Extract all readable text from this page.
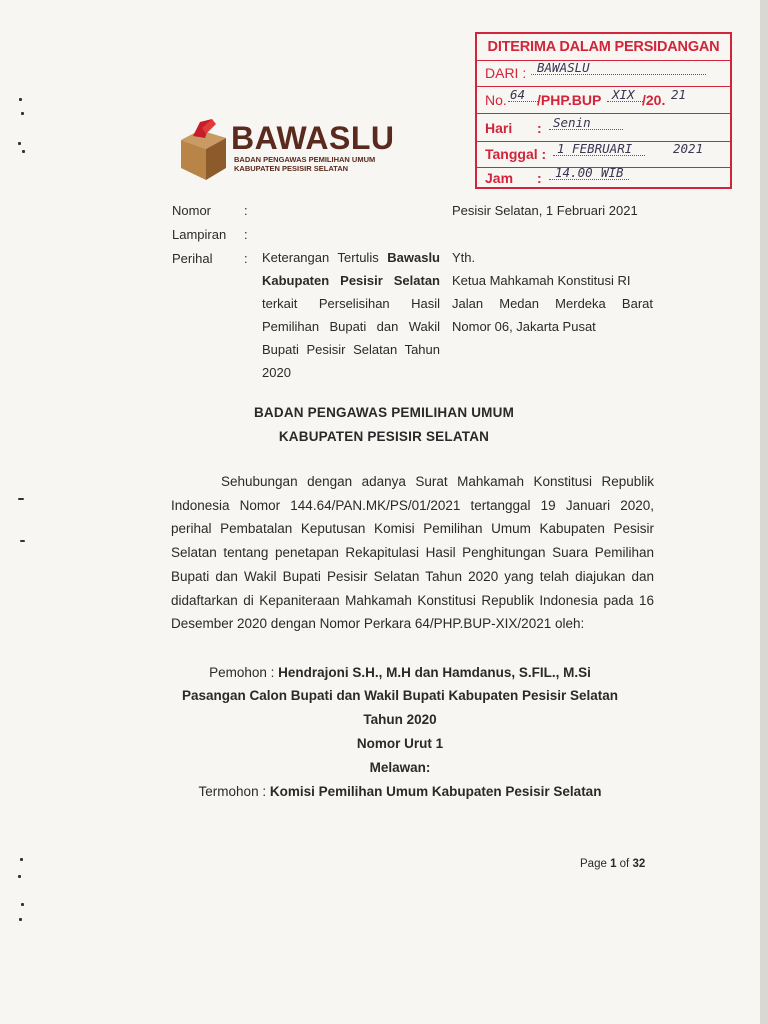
BAWASLU
BADAN PENGAWAS PEMILIHAN UMUM
KABUPATEN PESISIR SELATAN
DITERIMA DALAM PERSIDANGAN
DARI : BAWASLU
No. 64 /PHP.BUP XIX /20. 21
Hari : Senin
Tanggal : 1 FEBRUARI	2021
Jam : 14.00 WIB
Nomor	:
Lampiran :
Perihal :
Pesisir Selatan, 1 Februari 2021
Keterangan Tertulis Bawaslu Kabupaten Pesisir Selatan terkait Perselisihan Hasil Pemilihan Bupati dan Wakil Bupati Pesisir Selatan Tahun 2020
Yth.
Ketua Mahkamah Konstitusi RI
Jalan Medan Merdeka Barat Nomor 06, Jakarta Pusat
BADAN PENGAWAS PEMILIHAN UMUM
KABUPATEN PESISIR SELATAN
Sehubungan dengan adanya Surat Mahkamah Konstitusi Republik Indonesia Nomor 144.64/PAN.MK/PS/01/2021 tertanggal 19 Januari 2020, perihal Pembatalan Keputusan Komisi Pemilihan Umum Kabupaten Pesisir Selatan tentang penetapan Rekapitulasi Hasil Penghitungan Suara Pemilihan Bupati dan Wakil Bupati Pesisir Selatan Tahun 2020 yang telah diajukan dan didaftarkan di Kepaniteraan Mahkamah Konstitusi Republik Indonesia pada 16 Desember 2020 dengan Nomor Perkara 64/PHP.BUP-XIX/2021 oleh:
Pemohon : Hendrajoni S.H., M.H dan Hamdanus, S.FIL., M.Si
Pasangan Calon Bupati dan Wakil Bupati Kabupaten Pesisir Selatan
Tahun 2020
Nomor Urut 1
Melawan:
Termohon : Komisi Pemilihan Umum Kabupaten Pesisir Selatan
Page 1 of 32
